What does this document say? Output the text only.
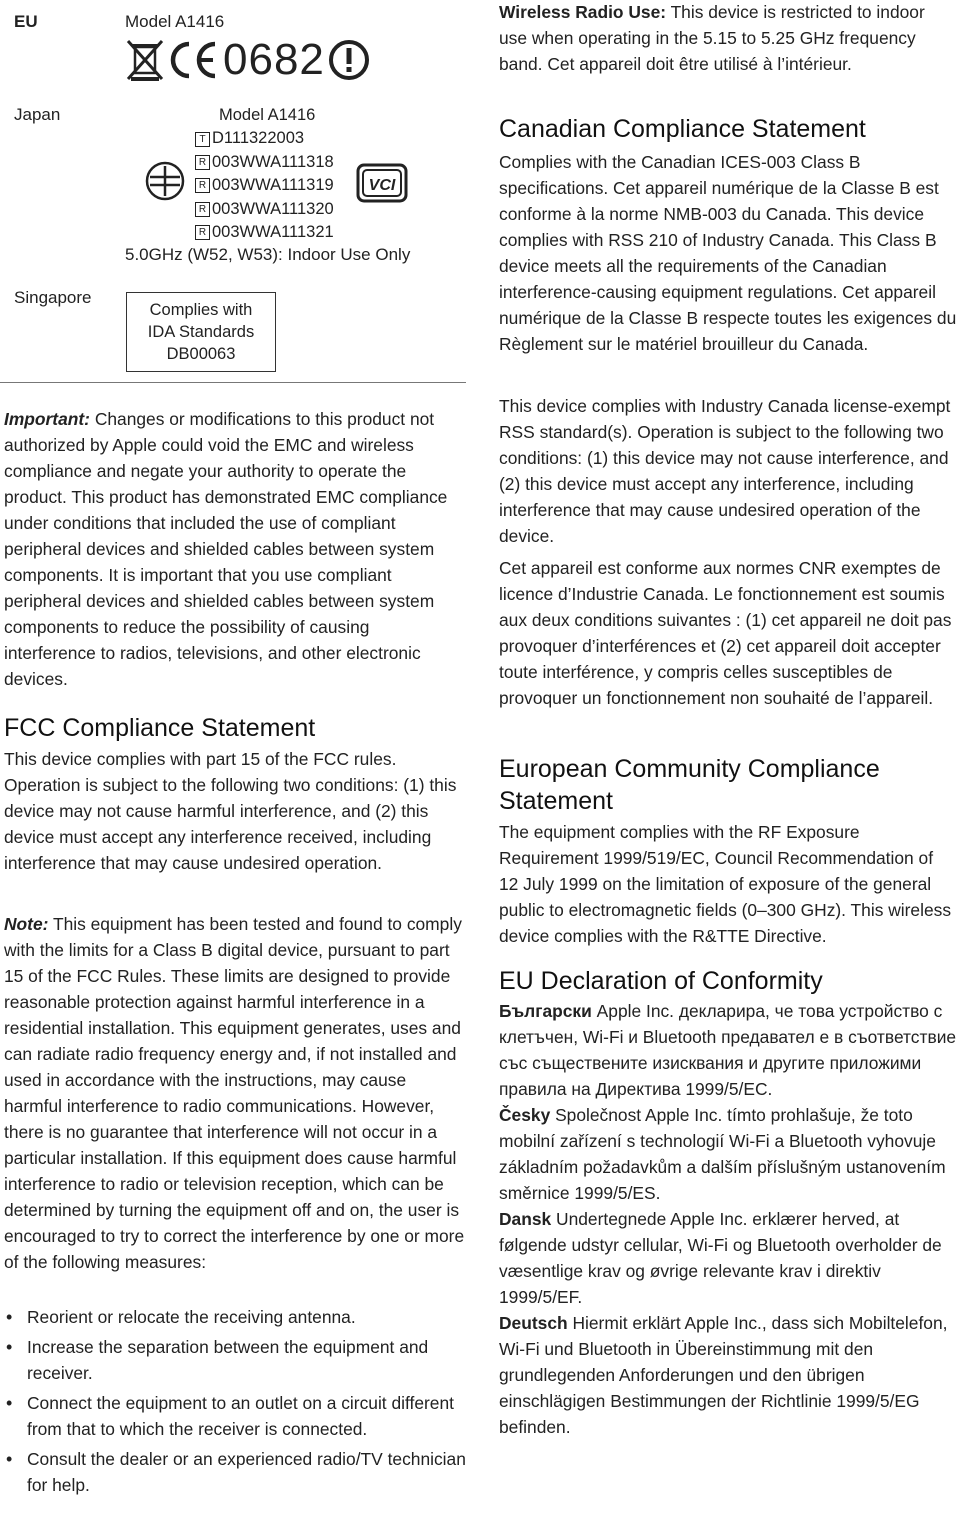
EU	Model A1416
0682
Japan	Model A1416
T D111322003
R 003WWA111318
R 003WWA111319
R 003WWA111320
R 003WWA111321
VCI
5.0GHz (W52, W53): Indoor Use Only
Singapore
Complies with
IDA Standards
DB00063

Important: Changes or modifications to this product not authorized by Apple could void the EMC and wireless compliance and negate your authority to operate the product. This product has demonstrated EMC compliance under conditions that included the use of compliant peripheral devices and shielded cables between system components. It is important that you use compliant peripheral devices and shielded cables between system components to reduce the possibility of causing interference to radios, televisions, and other electronic devices.

FCC Compliance Statement

This device complies with part 15 of the FCC rules. Operation is subject to the following two conditions: (1) this device may not cause harmful interference, and (2) this device must accept any interference received, including interference that may cause undesired operation.

Note: This equipment has been tested and found to comply with the limits for a Class B digital device, pursuant to part 15 of the FCC Rules. These limits are designed to provide reasonable protection against harmful interference in a residential installation. This equipment generates, uses and can radiate radio frequency energy and, if not installed and used in accordance with the instructions, may cause harmful interference to radio communications. However, there is no guarantee that interference will not occur in a particular installation. If this equipment does cause harmful interference to radio or television reception, which can be determined by turning the equipment off and on, the user is encouraged to try to correct the interference by one or more of the following measures:

• Reorient or relocate the receiving antenna.
• Increase the separation between the equipment and receiver.
• Connect the equipment to an outlet on a circuit different from that to which the receiver is connected.
• Consult the dealer or an experienced radio/TV technician for help.

Wireless Radio Use: This device is restricted to indoor use when operating in the 5.15 to 5.25 GHz frequency band. Cet appareil doit être utilisé à l’intérieur.

Canadian Compliance Statement

Complies with the Canadian ICES-003 Class B specifications. Cet appareil numérique de la Classe B est conforme à la norme NMB-003 du Canada. This device complies with RSS 210 of Industry Canada. This Class B device meets all the requirements of the Canadian interference-causing equipment regulations. Cet appareil numérique de la Classe B respecte toutes les exigences du Règlement sur le matériel brouilleur du Canada.

This device complies with Industry Canada license-exempt RSS standard(s). Operation is subject to the following two conditions: (1) this device may not cause interference, and (2) this device must accept any interference, including interference that may cause undesired operation of the device.

Cet appareil est conforme aux normes CNR exemptes de licence d’Industrie Canada. Le fonctionnement est soumis aux deux conditions suivantes : (1) cet appareil ne doit pas provoquer d’interférences et (2) cet appareil doit accepter toute interférence, y compris celles susceptibles de provoquer un fonctionnement non souhaité de l’appareil.

European Community Compliance Statement

The equipment complies with the RF Exposure Requirement 1999/519/EC, Council Recommendation of 12 July 1999 on the limitation of exposure of the general public to electromagnetic fields (0–300 GHz). This wireless device complies with the R&TTE Directive.

EU Declaration of Conformity

Български Apple Inc. декларира, че това устройство с клетъчен, Wi-Fi и Bluetooth предавател е в съответствие със съществените изисквания и другите приложими правила на Директива 1999/5/ЕС.

Česky Společnost Apple Inc. tímto prohlašuje, že toto mobilní zařízení s technologií Wi-Fi a Bluetooth vyhovuje základním požadavkům a dalším příslušným ustanovením směrnice 1999/5/ES.

Dansk Undertegnede Apple Inc. erklærer herved, at følgende udstyr cellular, Wi-Fi og Bluetooth overholder de væsentlige krav og øvrige relevante krav i direktiv 1999/5/EF.

Deutsch Hiermit erklärt Apple Inc., dass sich Mobiltelefon, Wi-Fi und Bluetooth in Übereinstimmung mit den grundlegenden Anforderungen und den übrigen einschlägigen Bestimmungen der Richtlinie 1999/5/EG befinden.
